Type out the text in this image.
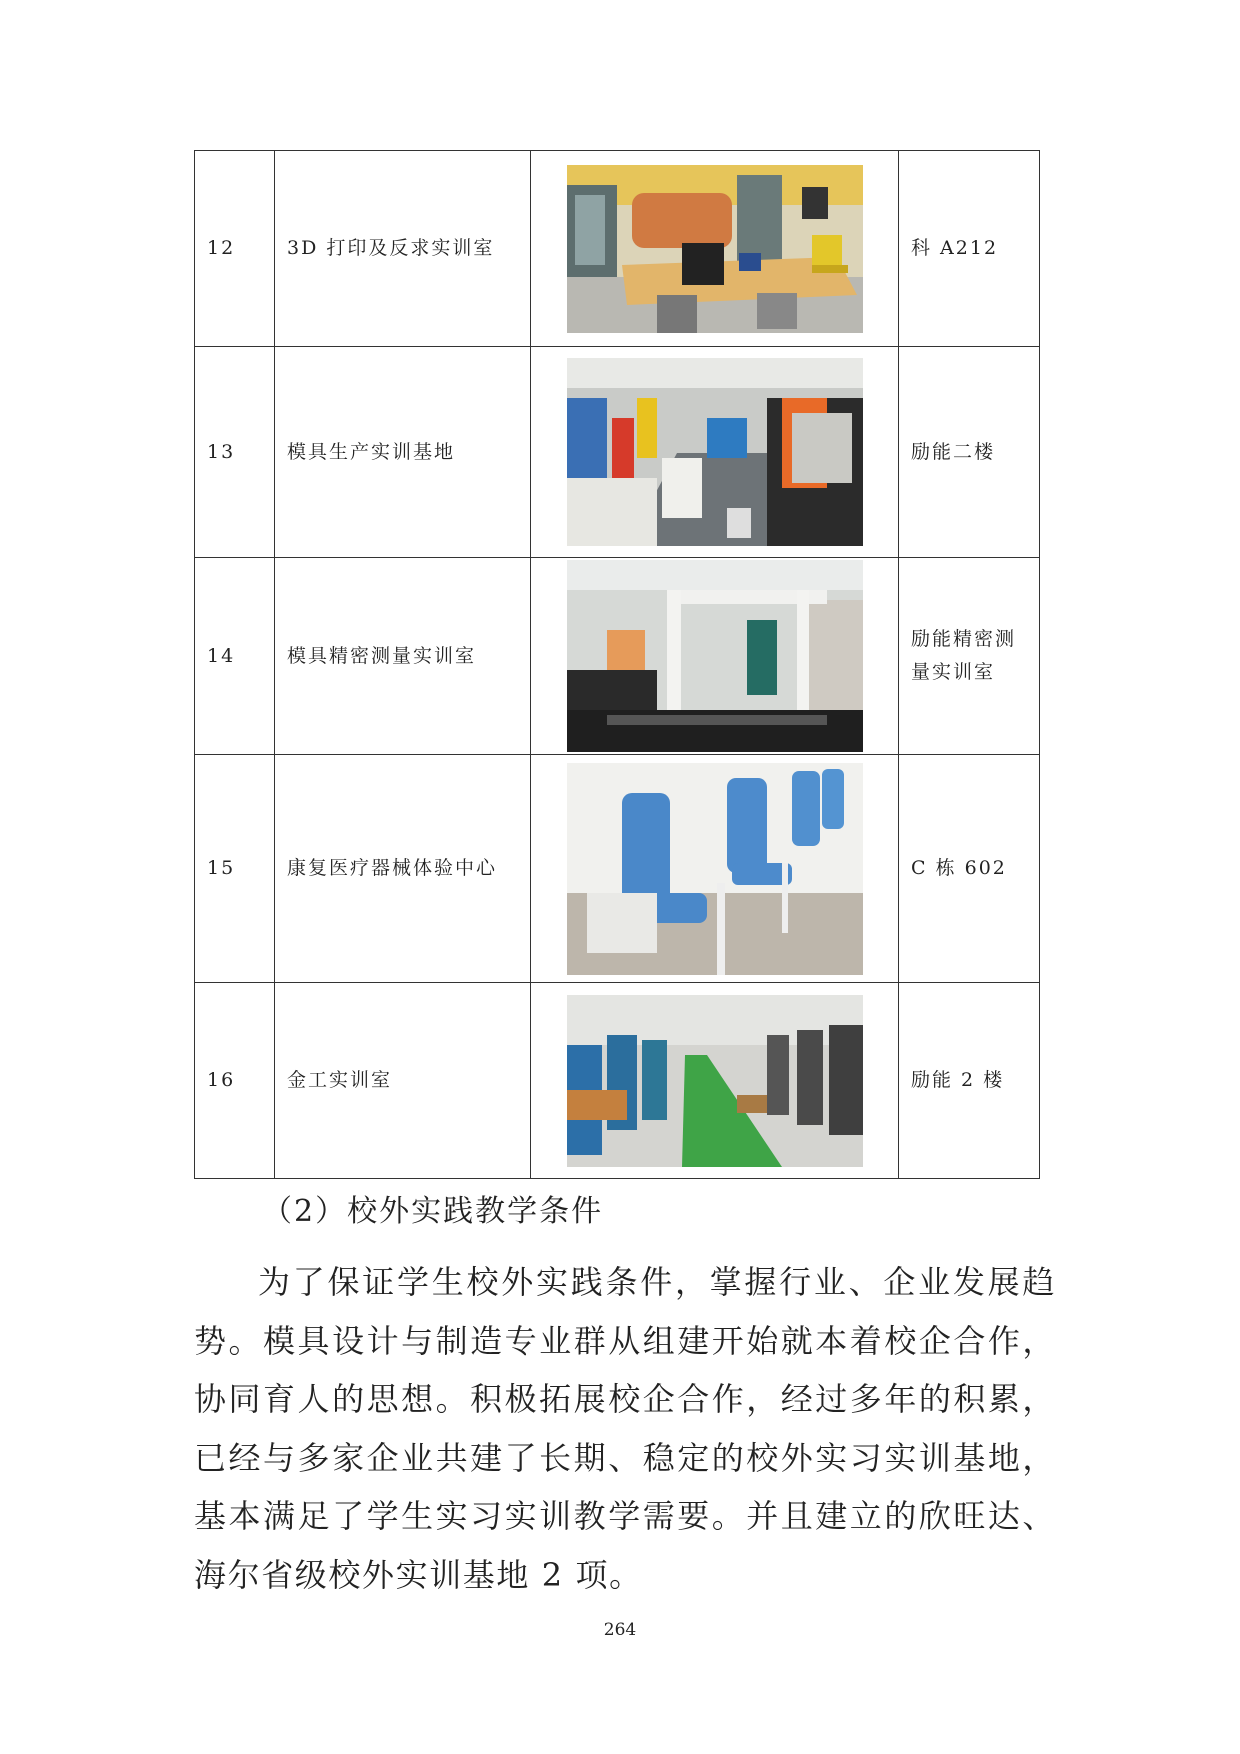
12	3D 打印及反求实训室		科 A212
13	模具生产实训基地		励能二楼
14	模具精密测量实训室		励能精密测量实训室
15	康复医疗器械体验中心		C 栋 602
16	金工实训室		励能 2 楼
（2）校外实践教学条件

为了保证学生校外实践条件，掌握行业、企业发展趋势。模具设计与制造专业群从组建开始就本着校企合作，协同育人的思想。积极拓展校企合作，经过多年的积累，已经与多家企业共建了长期、稳定的校外实习实训基地，基本满足了学生实习实训教学需要。并且建立的欣旺达、海尔省级校外实训基地 2 项。

264
